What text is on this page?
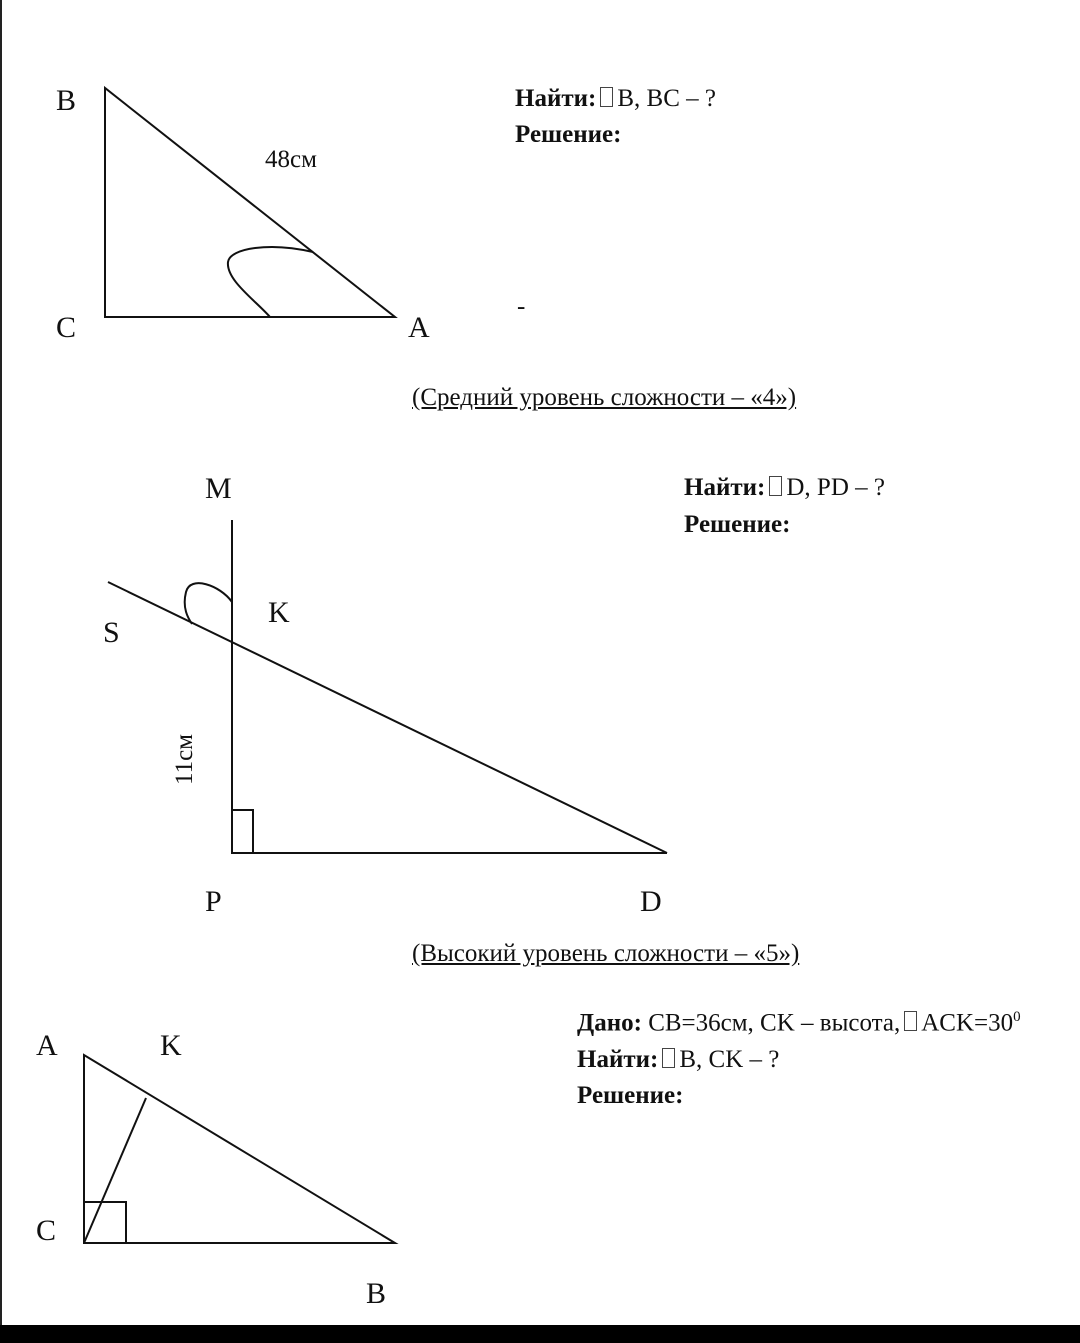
B
C	A
48см
Найти: B, BC – ?
Решение:
-
(Средний уровень сложности – «4»)
M
K
S
P	D
11см
Найти: D, PD – ?
Решение:
(Высокий уровень сложности – «5»)
A	K
C
B
Дано: CB=36см, CK – высота, $ACK=30^0$
Найти: B, CK – ?
Решение:
